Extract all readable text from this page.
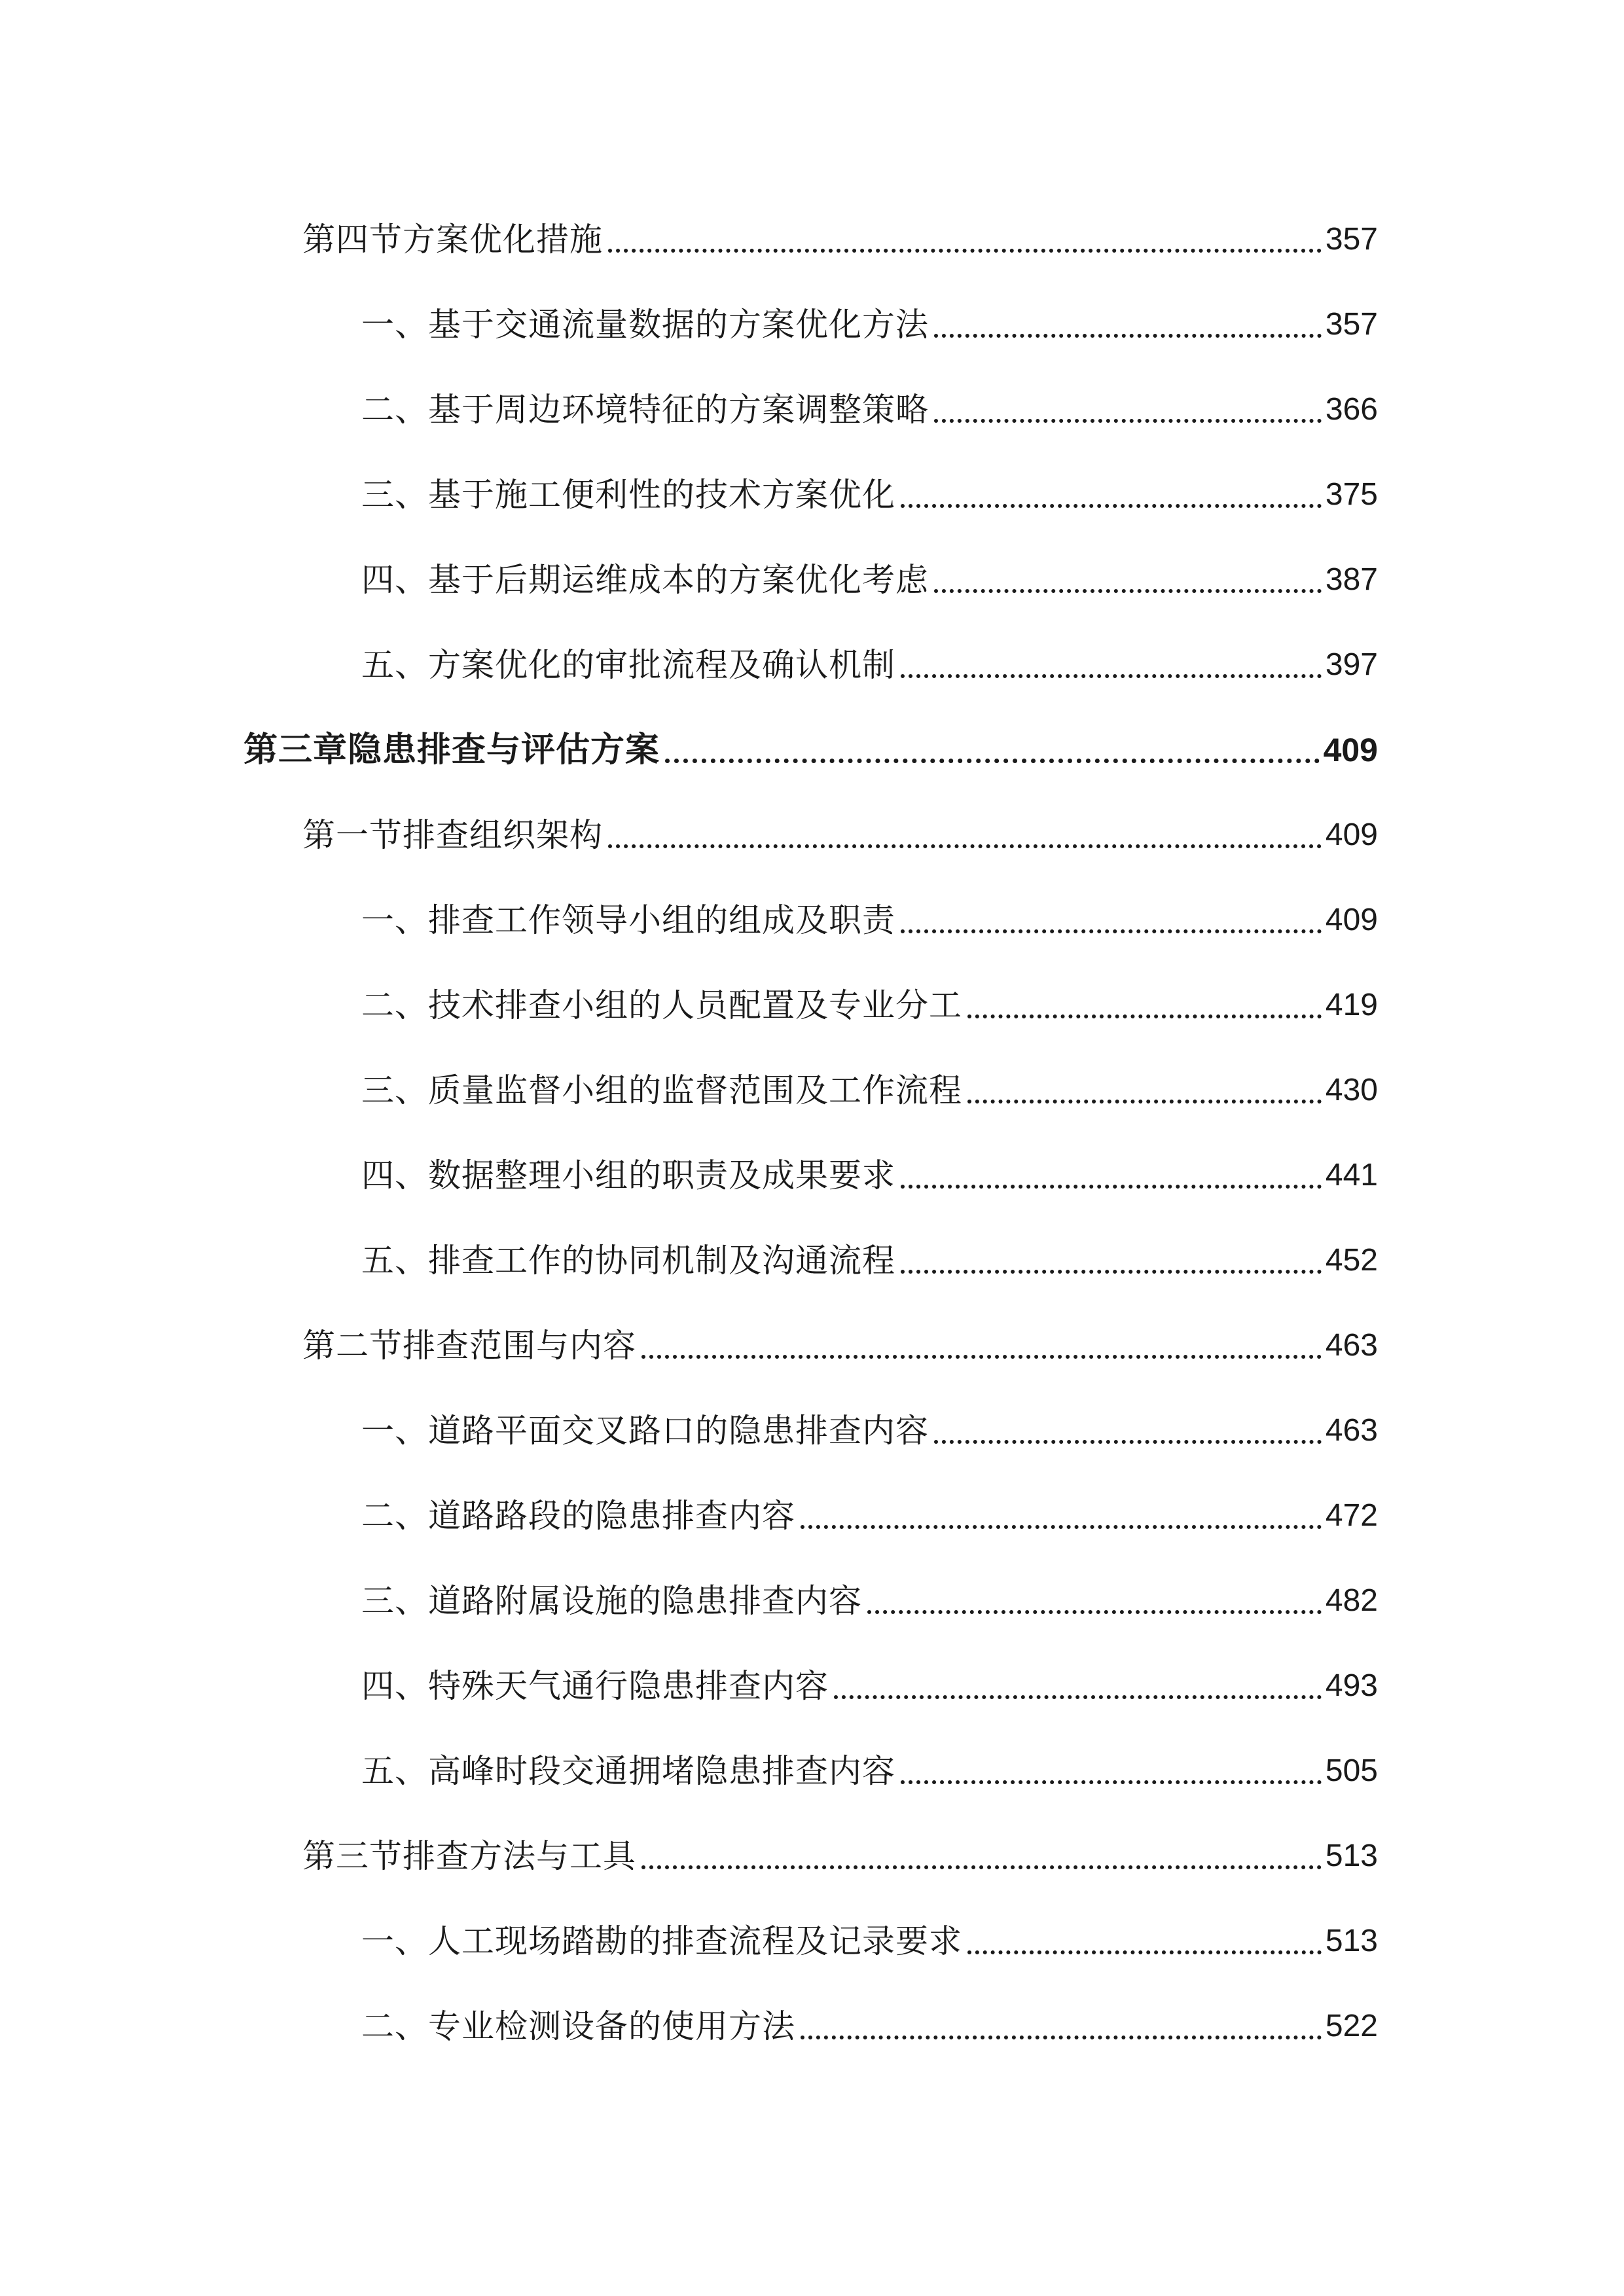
第四节方案优化措施	357
一、基于交通流量数据的方案优化方法	357
二、基于周边环境特征的方案调整策略	366
三、基于施工便利性的技术方案优化	375
四、基于后期运维成本的方案优化考虑	387
五、方案优化的审批流程及确认机制	397
第三章隐患排查与评估方案	409
第一节排查组织架构	409
一、排查工作领导小组的组成及职责	409
二、技术排查小组的人员配置及专业分工	419
三、质量监督小组的监督范围及工作流程	430
四、数据整理小组的职责及成果要求	441
五、排查工作的协同机制及沟通流程	452
第二节排查范围与内容	463
一、道路平面交叉路口的隐患排查内容	463
二、道路路段的隐患排查内容	472
三、道路附属设施的隐患排查内容	482
四、特殊天气通行隐患排查内容	493
五、高峰时段交通拥堵隐患排查内容	505
第三节排查方法与工具	513
一、人工现场踏勘的排查流程及记录要求	513
二、专业检测设备的使用方法	522
